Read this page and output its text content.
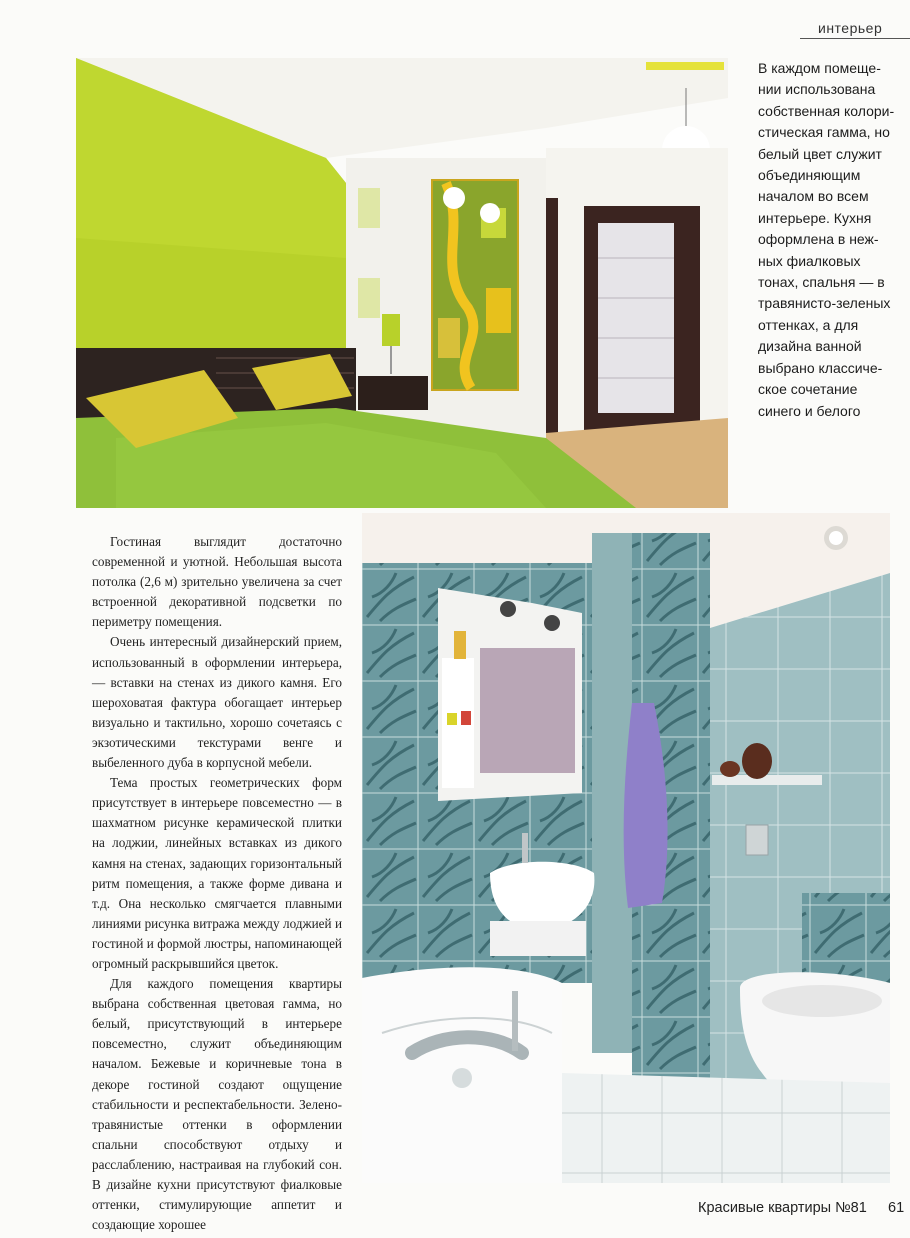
интерьер
В каждом помеще-
нии использована
собственная колори-
стическая гамма, но
белый цвет служит
объединяющим
началом во всем
интерьере. Кухня
оформлена в неж-
ных фиалковых
тонах, спальня — в
травянисто-зеленых
оттенках, а для
дизайна ванной
выбрано классиче-
ское сочетание
синего и белого

Гостиная выглядит достаточно современной и уютной. Небольшая высота потолка (2,6 м) зрительно увеличена за счет встроенной декоративной подсветки по периметру помещения.

Очень интересный дизайнерский прием, использованный в оформлении интерьера, — вставки на стенах из дикого камня. Его шероховатая фактура обогащает интерьер визуально и тактильно, хорошо сочетаясь с экзотическими текстурами венге и выбеленного дуба в корпусной мебели.

Тема простых геометрических форм присутствует в интерьере повсеместно — в шахматном рисунке керамической плитки на лоджии, линейных вставках из дикого камня на стенах, задающих горизонтальный ритм помещения, а также форме дивана и т.д. Она несколько смягчается плавными линиями рисунка витража между лоджией и гостиной и формой люстры, напоминающей огромный раскрывшийся цветок.

Для каждого помещения квартиры выбрана собственная цветовая гамма, но белый, присутствующий в интерьере повсеместно, служит объединяющим началом. Бежевые и коричневые тона в декоре гостиной создают ощущение стабильности и респектабельности. Зелено-травянистые оттенки в оформлении спальни способствуют отдыху и расслаблению, настраивая на глубокий сон. В дизайне кухни присутствуют фиалковые оттенки, стимулирующие аппетит и создающие хорошее

Красивые квартиры №81 61
